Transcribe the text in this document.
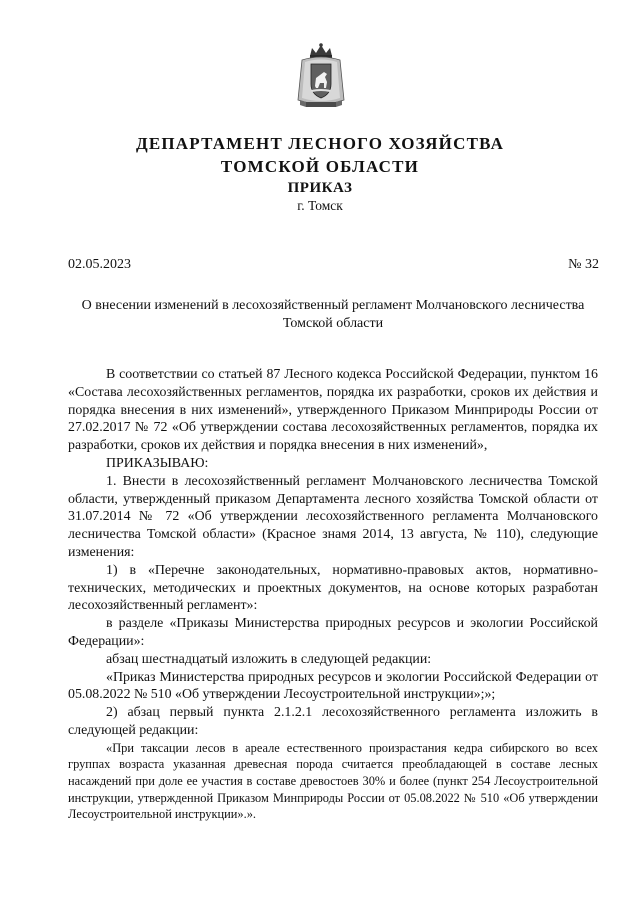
ДЕПАРТАМЕНТ ЛЕСНОГО ХОЗЯЙСТВА
ТОМСКОЙ ОБЛАСТИ
ПРИКАЗ
г. Томск
02.05.2023	№ 32
О внесении изменений в лесохозяйственный регламент Молчановского лесничества Томской области

В соответствии со статьей 87 Лесного кодекса Российской Федерации, пунктом 16 «Состава лесохозяйственных регламентов, порядка их разработки, сроков их действия и порядка внесения в них изменений», утвержденного Приказом Минприроды России от 27.02.2017 № 72 «Об утверждении состава лесохозяйственных регламентов, порядка их разработки, сроков их действия и порядка внесения в них изменений»,

ПРИКАЗЫВАЮ:

1. Внести в лесохозяйственный регламент Молчановского лесничества Томской области, утвержденный приказом Департамента лесного хозяйства Томской области от 31.07.2014 № 72 «Об утверждении лесохозяйственного регламента Молчановского лесничества Томской области» (Красное знамя 2014, 13 августа, № 110), следующие изменения:

1) в «Перечне законодательных, нормативно-правовых актов, нормативно-технических, методических и проектных документов, на основе которых разработан лесохозяйственный регламент»:

в разделе «Приказы Министерства природных ресурсов и экологии Российской Федерации»:

абзац шестнадцатый изложить в следующей редакции:

«Приказ Министерства природных ресурсов и экологии Российской Федерации от 05.08.2022 № 510 «Об утверждении Лесоустроительной инструкции»;»;

2) абзац первый пункта 2.1.2.1 лесохозяйственного регламента изложить в следующей редакции:

«При таксации лесов в ареале естественного произрастания кедра сибирского во всех группах возраста указанная древесная порода считается преобладающей в составе лесных насаждений при доле ее участия в составе древостоев 30% и более (пункт 254 Лесоустроительной инструкции, утвержденной Приказом Минприроды России от 05.08.2022 № 510 «Об утверждении Лесоустроительной инструкции».».
